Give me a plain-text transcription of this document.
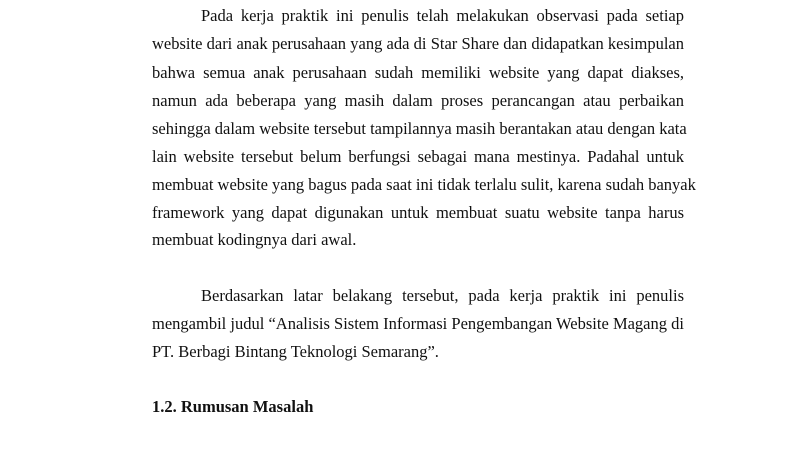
Pada kerja praktik ini penulis telah melakukan observasi pada setiap
website dari anak perusahaan yang ada di Star Share dan didapatkan kesimpulan
bahwa semua anak perusahaan sudah memiliki website yang dapat diakses,
namun ada beberapa yang masih dalam proses perancangan atau perbaikan
sehingga dalam website tersebut tampilannya masih berantakan atau dengan kata
lain website tersebut belum berfungsi sebagai mana mestinya. Padahal untuk
membuat website yang bagus pada saat ini tidak terlalu sulit, karena sudah banyak
framework yang dapat digunakan untuk membuat suatu website tanpa harus
membuat kodingnya dari awal.
Berdasarkan latar belakang tersebut, pada kerja praktik ini penulis
mengambil judul “Analisis Sistem Informasi Pengembangan Website Magang di
PT. Berbagi Bintang Teknologi Semarang”.
1.2. Rumusan Masalah
